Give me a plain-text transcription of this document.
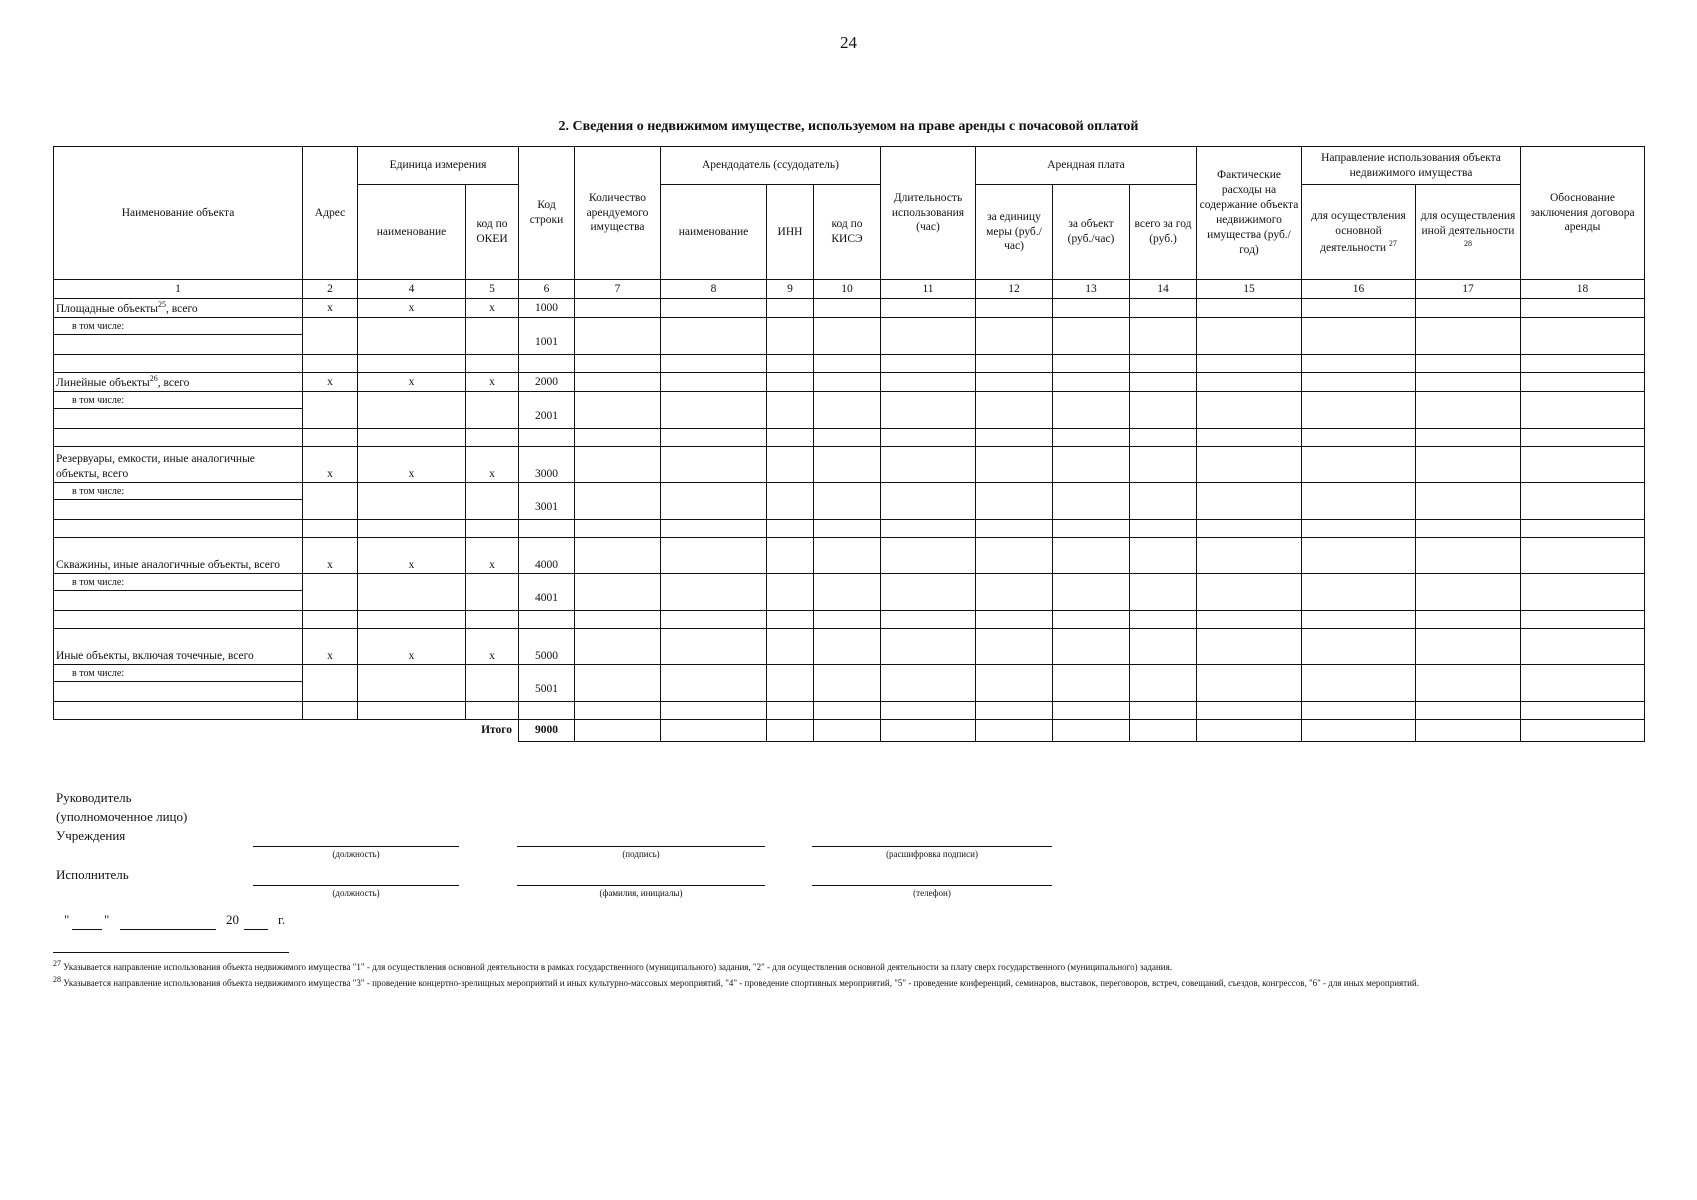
24
2. Сведения о недвижимом имуществе, используемом на праве аренды с почасовой оплатой
Наименование объекта	Адрес	Единица измерения		Код строки	Количество арендуемого имущества	Арендодатель (ссудодатель)			Длительность использования (час)	Арендная плата			Фактические расходы на содержание объекта недвижимого имущества (руб./год)	Направление использования объекта недвижимого имущества		Обоснование заключения договора аренды
		наименование	код по ОКЕИ			наименование	ИНН	код по КИСЭ		за единицу меры (руб./час)	за объект (руб./час)	всего за год (руб.)		для осуществления основной деятельности $^{27}$	для осуществления иной деятельности $^{28}$
1	2	4	5	6	7	8	9	10	11	12	13	14	15	16	17	18
Площадные объекты$^{25}$, всего	х	х	х	1000												
в том числе:				1001												

Линейные объекты$^{26}$, всего	х	х	х	2000												
в том числе:				2001												

Резервуары, емкости, иные аналогичные объекты, всего	х	х	х	3000												
в том числе:				3001												

Скважины, иные аналогичные объекты, всего	х	х	х	4000												
в том числе:				4001												

Иные объекты, включая точечные, всего	х	х	х	5000												
в том числе:				5001												

Итого				9000												
Руководитель
(уполномоченное лицо)
Учреждения
(должность)	(подпись)	(расшифровка подписи)
Исполнитель
(должность)	(фамилия, инициалы)	(телефон)
"	"	20	г.
$^{27}$ Указывается направление использования объекта недвижимого имущества "1" - для осуществления основной деятельности в рамках государственного (муниципального) задания, "2" - для осуществления основной деятельности за плату сверх государственного (муниципального) задания.
$^{28}$ Указывается направление использования объекта недвижимого имущества "3" - проведение концертно-зрелищных мероприятий и иных культурно-массовых мероприятий, "4" - проведение спортивных мероприятий, "5" - проведение конференций, семинаров, выставок, переговоров, встреч, совещаний, съездов, конгрессов, "6" - для иных мероприятий.
